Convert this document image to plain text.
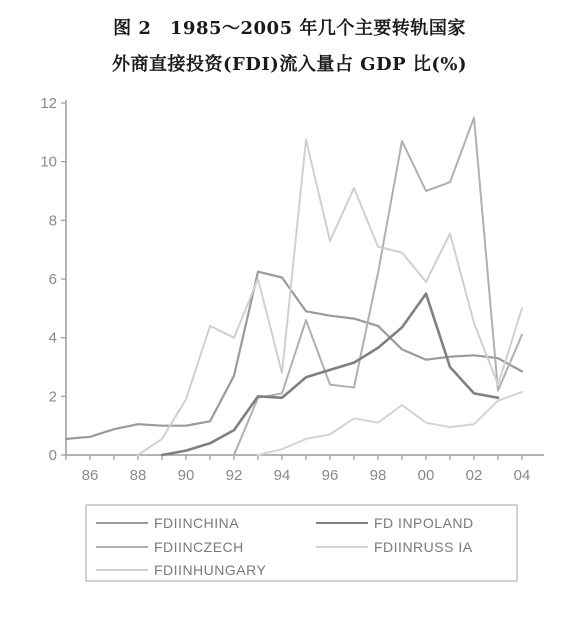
图 2　1985～2005 年几个主要转轨国家
外商直接投资(FDI)流入量占 GDP 比(%)
0
2
4
6
8
10
12
86 88 90 92 94 96 98 00 02 04
FDIINCHINA	FD INPOLAND
FDIINCZECH	FDIINRUSS IA
FDIINHUNGARY
